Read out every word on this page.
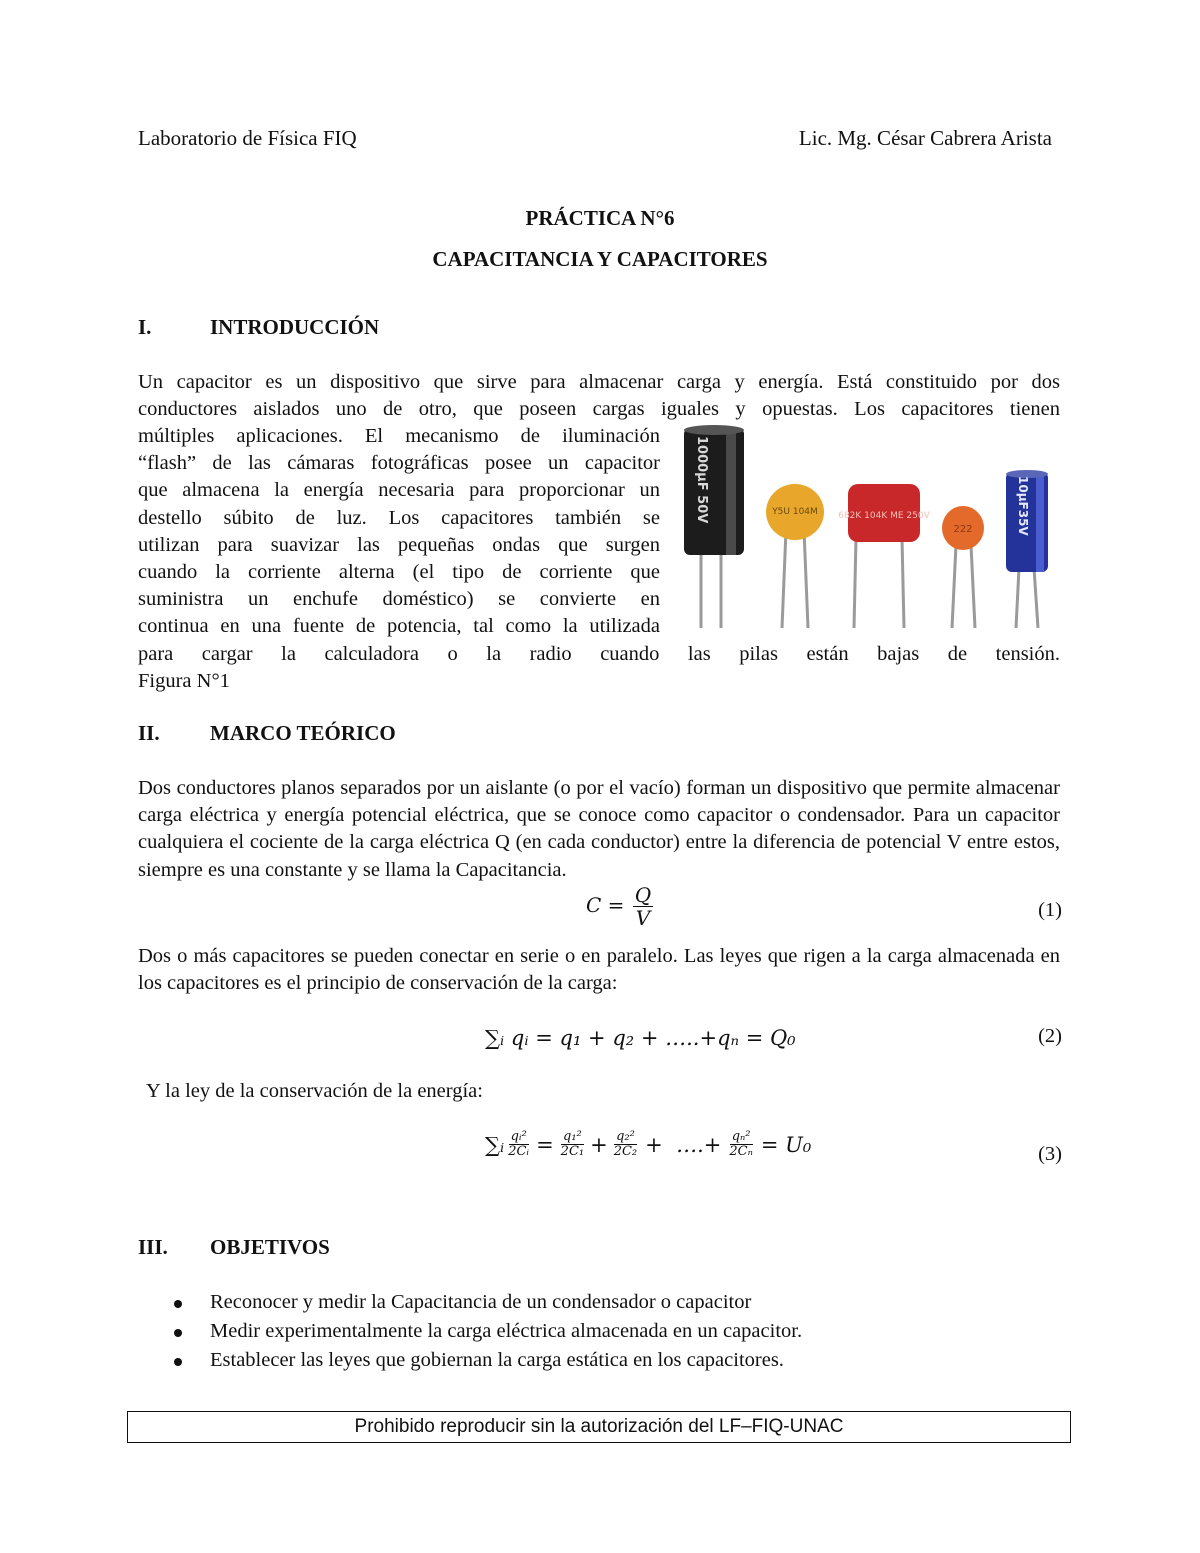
Laboratorio de Física FIQ	Lic. Mg. César Cabrera Arista
PRÁCTICA N°6
CAPACITANCIA Y CAPACITORES
I.	INTRODUCCIÓN
Un capacitor es un dispositivo que sirve para almacenar carga y energía. Está constituido por dos
conductores aislados uno de otro, que poseen cargas iguales y opuestas. Los capacitores tienen
múltiples aplicaciones. El mecanismo de iluminación
“flash” de las cámaras fotográficas posee un capacitor
que almacena la energía necesaria para proporcionar un
destello súbito de luz. Los capacitores también se
utilizan para suavizar las pequeñas ondas que surgen
cuando la corriente alterna (el tipo de corriente que
suministra un enchufe doméstico) se convierte en
continua en una fuente de potencia, tal como la utilizada
para cargar la calculadora o la radio cuando las pilas están bajas de tensión.
Figura N°1
1000µF 50V	Y5U 104M 682K 104K ME 250V
222	10µF35V
II. MARCO TEÓRICO
Dos conductores planos separados por un aislante (o por el vacío) forman un dispositivo que permite almacenar carga eléctrica y energía potencial eléctrica, que se conoce como capacitor o condensador. Para un capacitor cualquiera el cociente de la carga eléctrica Q (en cada conductor) entre la diferencia de potencial V entre estos, siempre es una constante y se llama la Capacitancia.
$C = \frac{Q}{V}$	(1)
Dos o más capacitores se pueden conectar en serie o en paralelo. Las leyes que rigen a la carga almacenada en los capacitores es el principio de conservación de la carga:
∑ᵢ qᵢ = q₁ + q₂ + …..+qₙ = Q₀	(2)
Y la ley de la conservación de la energía:
∑ᵢ $\frac{\text{qᵢ²}}{\text{2Cᵢ}} = \frac{\text{q₁²}}{\text{2C₁}} + \frac{\text{q₂²}}{\text{2C₂}}$ +  ….+ $\frac{\text{qₙ²}}{\text{2Cₙ}} = U_0$	(3)
III. OBJETIVOS
Reconocer y medir la Capacitancia de un condensador o capacitor
Medir experimentalmente la carga eléctrica almacenada en un capacitor.
Establecer las leyes que gobiernan la carga estática en los capacitores.
Prohibido reproducir sin la autorización del LF–FIQ-UNAC
